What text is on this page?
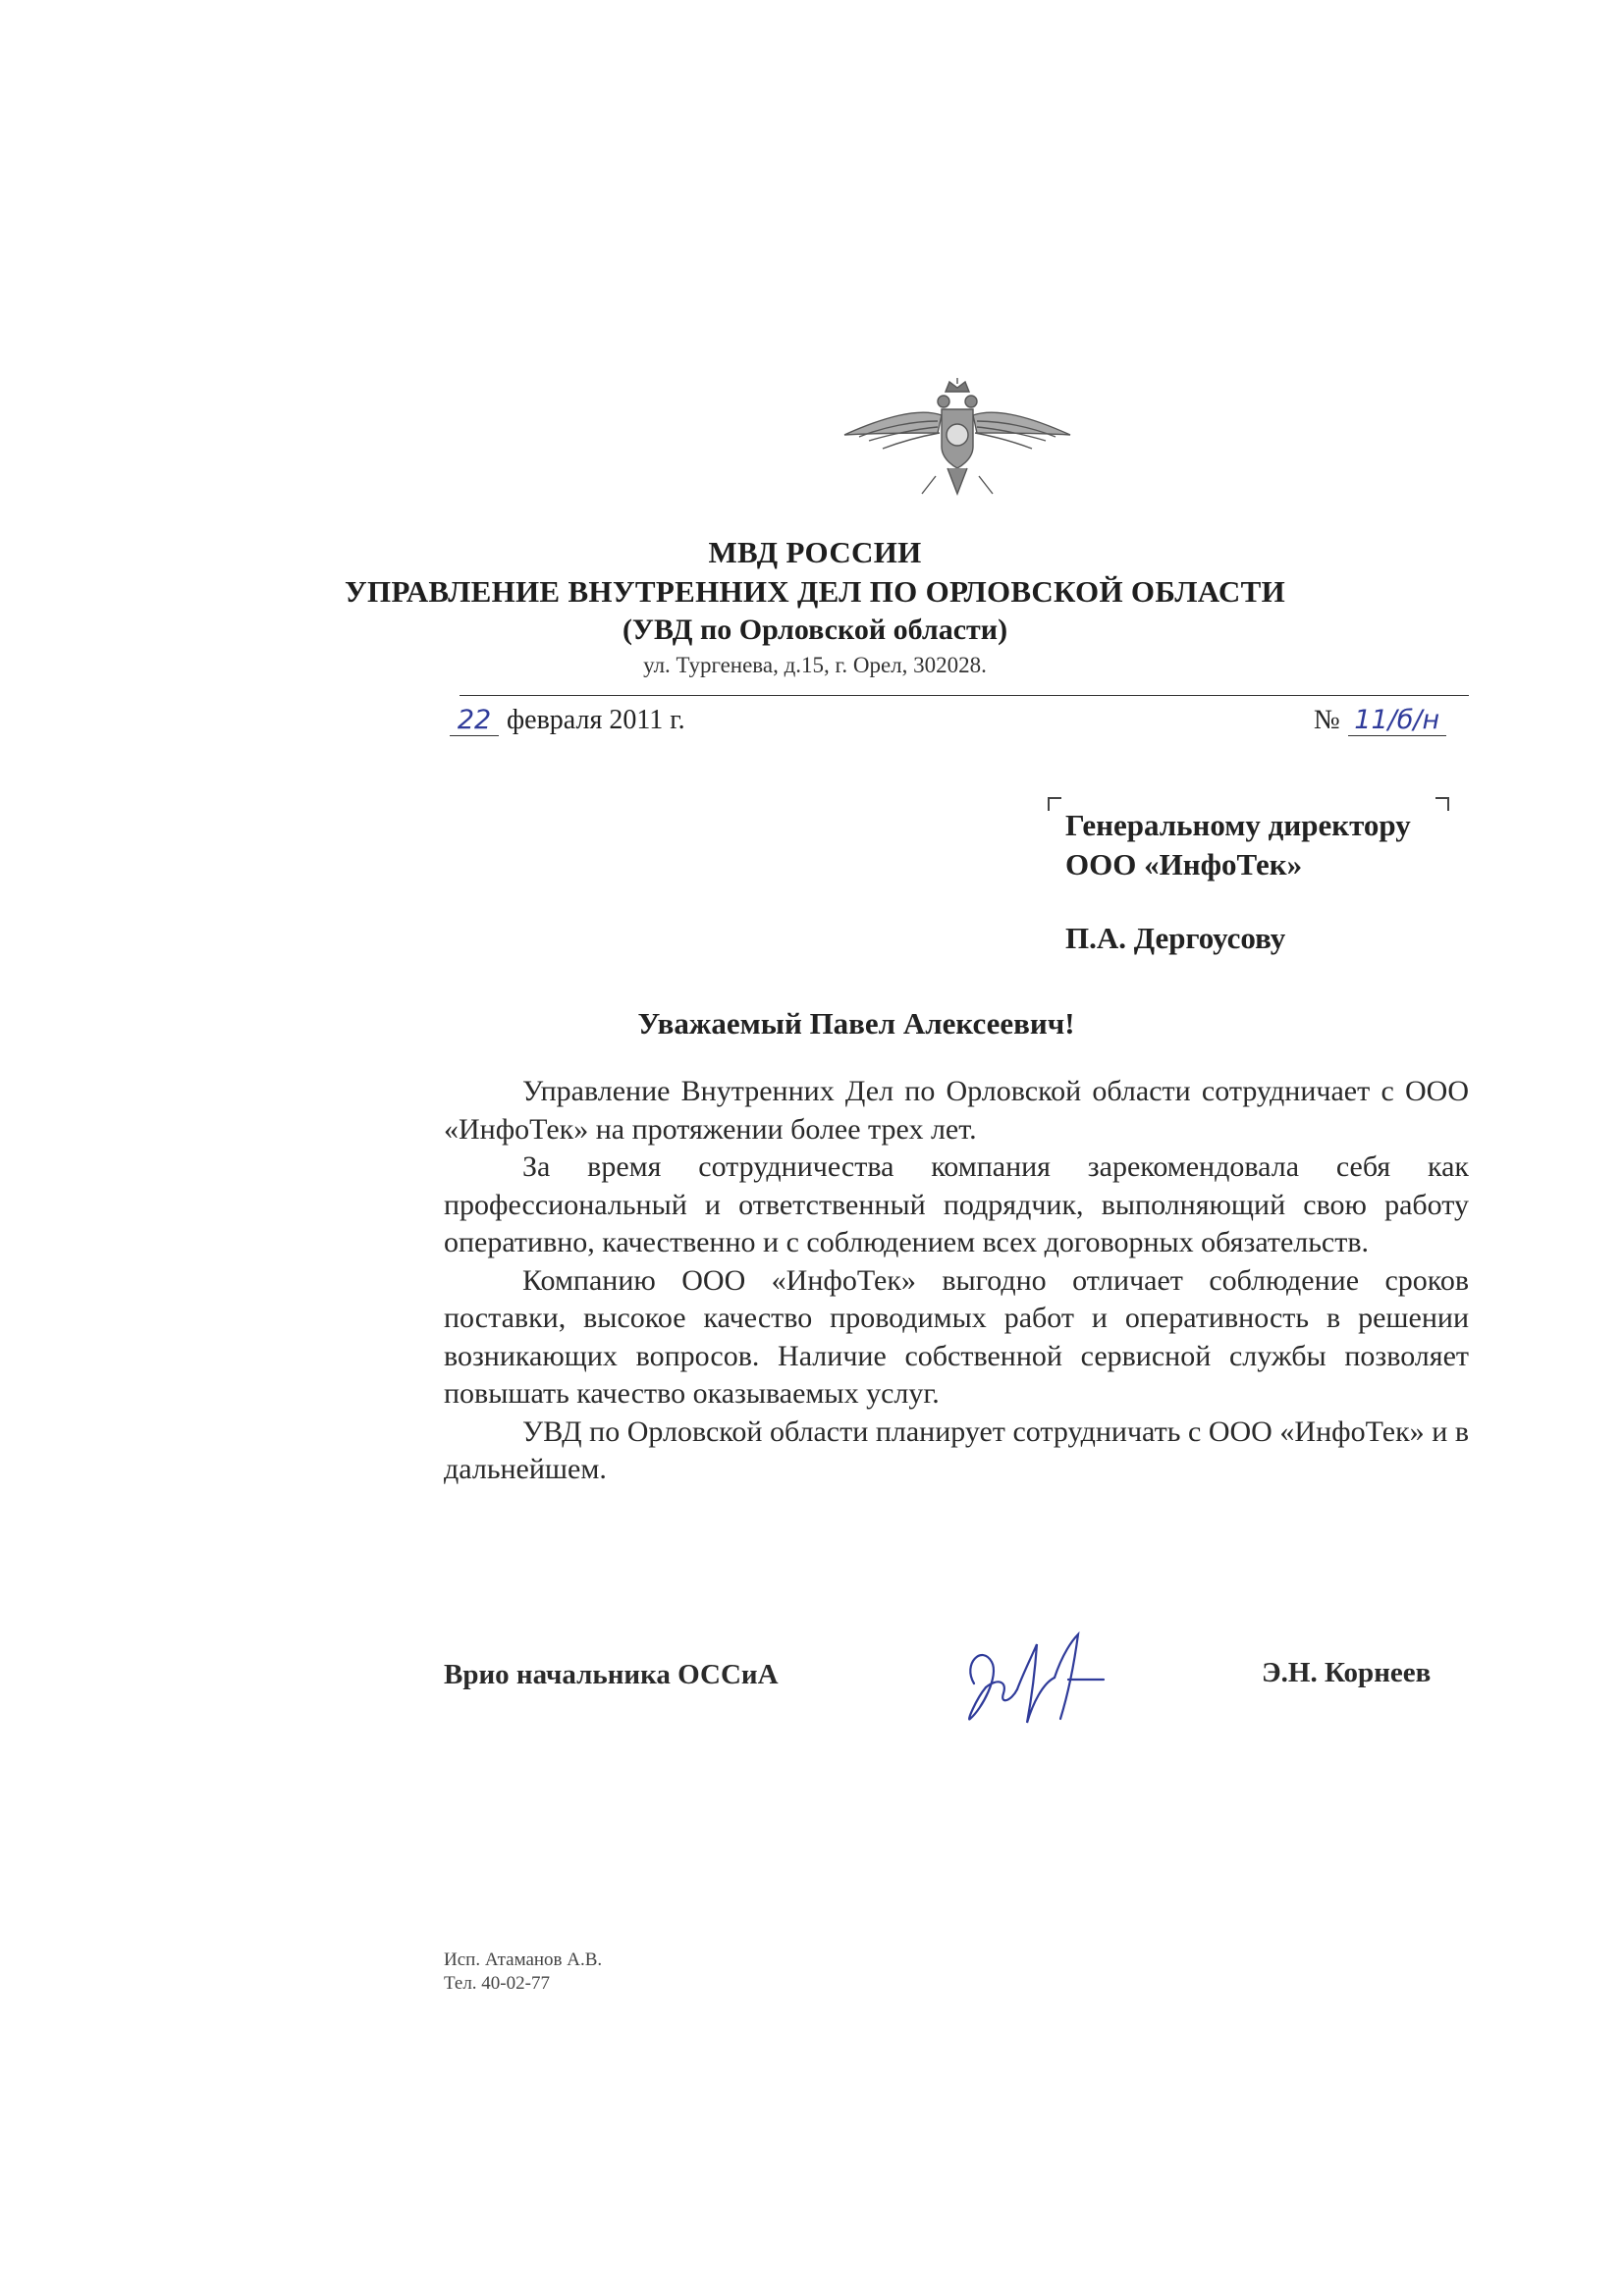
МВД РОССИИ
УПРАВЛЕНИЕ ВНУТРЕННИХ ДЕЛ ПО ОРЛОВСКОЙ ОБЛАСТИ
(УВД по Орловской области)
ул. Тургенева, д.15, г. Орел, 302028.
22 февраля 2011 г.	№ 11/б/н
Генеральному директору
ООО «ИнфоТек»
П.А. Дергоусову
Уважаемый Павел Алексеевич!

Управление Внутренних Дел по Орловской области сотрудничает с ООО «ИнфоТек» на протяжении более трех лет.

За время сотрудничества компания зарекомендовала себя как профессиональный и ответственный подрядчик, выполняющий свою работу оперативно, качественно и с соблюдением всех договорных обязательств.

Компанию ООО «ИнфоТек» выгодно отличает соблюдение сроков поставки, высокое качество проводимых работ и оперативность в решении возникающих вопросов. Наличие собственной сервисной службы позволяет повышать качество оказываемых услуг.

УВД по Орловской области планирует сотрудничать с ООО «ИнфоТек» и в дальнейшем.

Врио начальника ОССиА	Э.Н. Корнеев
Исп. Атаманов А.В.
Тел. 40-02-77
